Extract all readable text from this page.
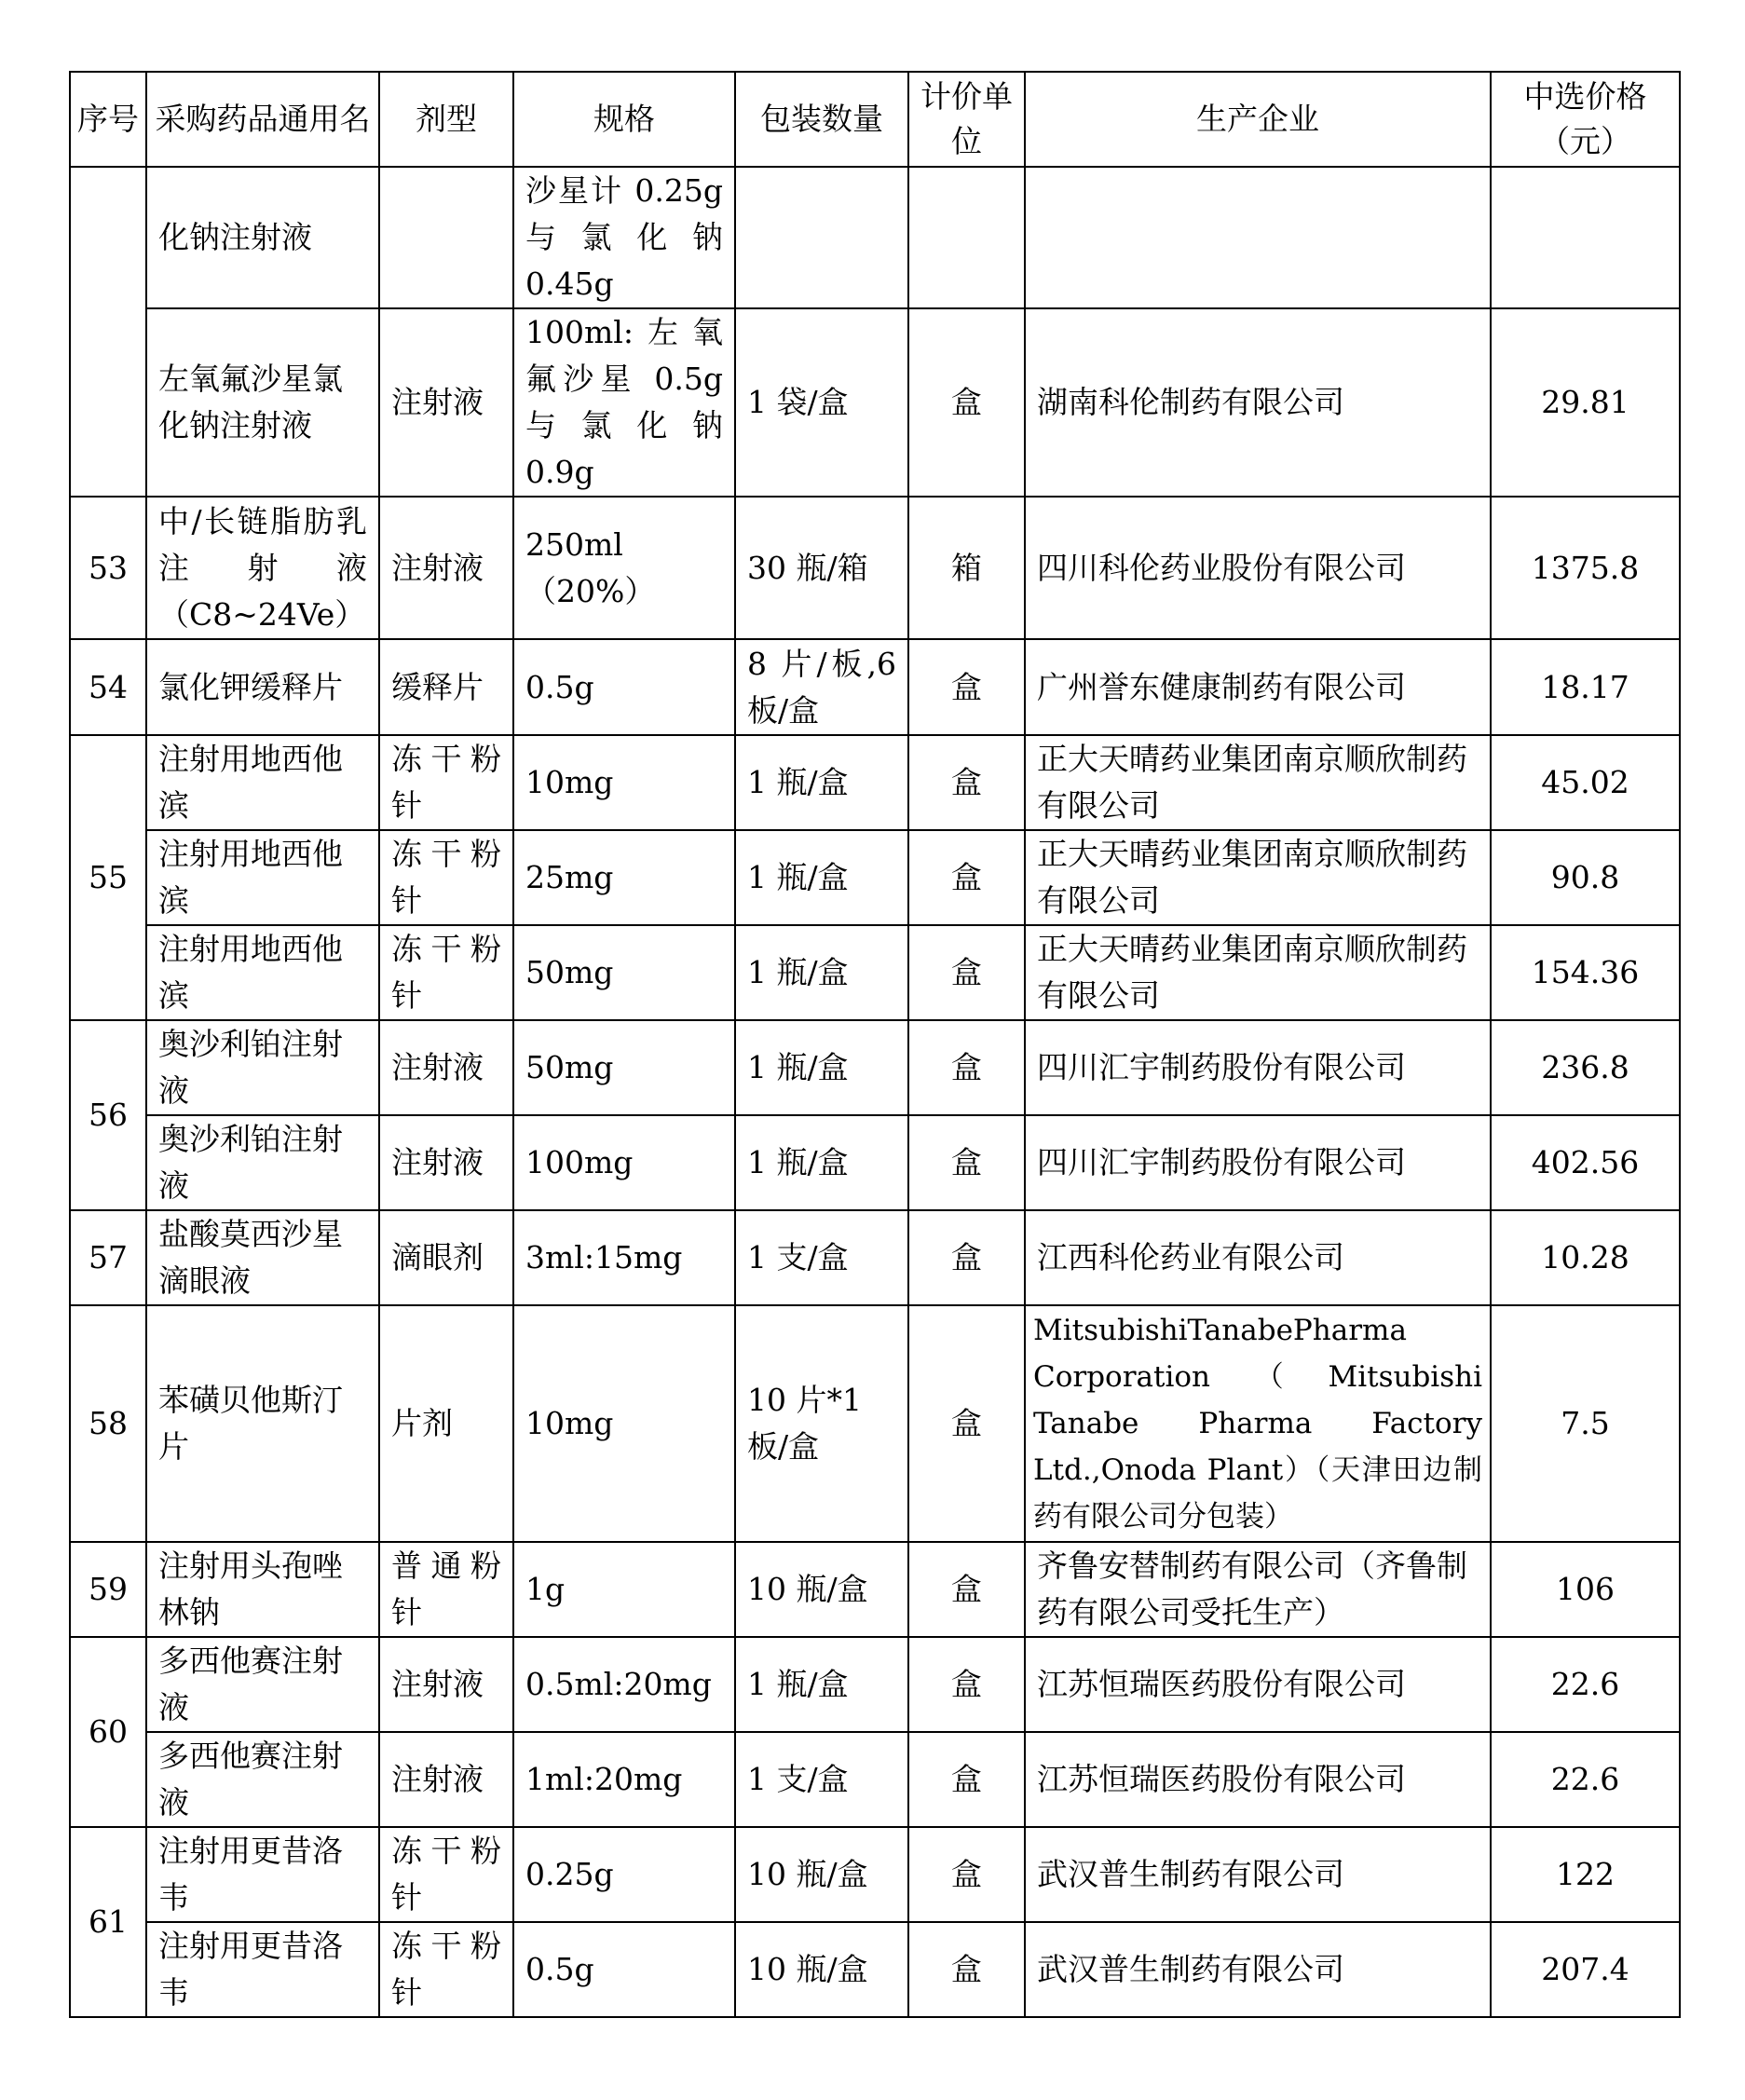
序号	采购药品通用名	剂型	规格	包装数量	计价单位	生产企业	中选价格（元）
	化钠注射液		沙星计 0.25g 与 氯 化 钠 0.45g				
	左氧氟沙星氯化钠注射液	注射液	100ml:左氧氟沙星 0.5g 与氯化钠 0.9g	1 袋/盒	盒	湖南科伦制药有限公司	29.81
53	中/长链脂肪乳注射液（C8~24Ve）	注射液	250ml（20%）	30 瓶/箱	箱	四川科伦药业股份有限公司	1375.8
54	氯化钾缓释片	缓释片	0.5g	8 片/板,6 板/盒	盒	广州誉东健康制药有限公司	18.17
55	注射用地西他滨	冻干粉针	10mg	1 瓶/盒	盒	正大天晴药业集团南京顺欣制药有限公司	45.02
	注射用地西他滨	冻干粉针	25mg	1 瓶/盒	盒	正大天晴药业集团南京顺欣制药有限公司	90.8
	注射用地西他滨	冻干粉针	50mg	1 瓶/盒	盒	正大天晴药业集团南京顺欣制药有限公司	154.36
56	奥沙利铂注射液	注射液	50mg	1 瓶/盒	盒	四川汇宇制药股份有限公司	236.8
	奥沙利铂注射液	注射液	100mg	1 瓶/盒	盒	四川汇宇制药股份有限公司	402.56
57	盐酸莫西沙星滴眼液	滴眼剂	3ml:15mg	1 支/盒	盒	江西科伦药业有限公司	10.28
58	苯磺贝他斯汀片	片剂	10mg	10 片*1 板/盒	盒	MitsubishiTanabePharma Corporation（Mitsubishi Tanabe Pharma Factory Ltd.,Onoda Plant）（天津田边制药有限公司分包装）	7.5
59	注射用头孢唑林钠	普通粉针	1g	10 瓶/盒	盒	齐鲁安替制药有限公司（齐鲁制药有限公司受托生产）	106
60	多西他赛注射液	注射液	0.5ml:20mg	1 瓶/盒	盒	江苏恒瑞医药股份有限公司	22.6
	多西他赛注射液	注射液	1ml:20mg	1 支/盒	盒	江苏恒瑞医药股份有限公司	22.6
61	注射用更昔洛韦	冻干粉针	0.25g	10 瓶/盒	盒	武汉普生制药有限公司	122
	注射用更昔洛韦	冻干粉针	0.5g	10 瓶/盒	盒	武汉普生制药有限公司	207.4
